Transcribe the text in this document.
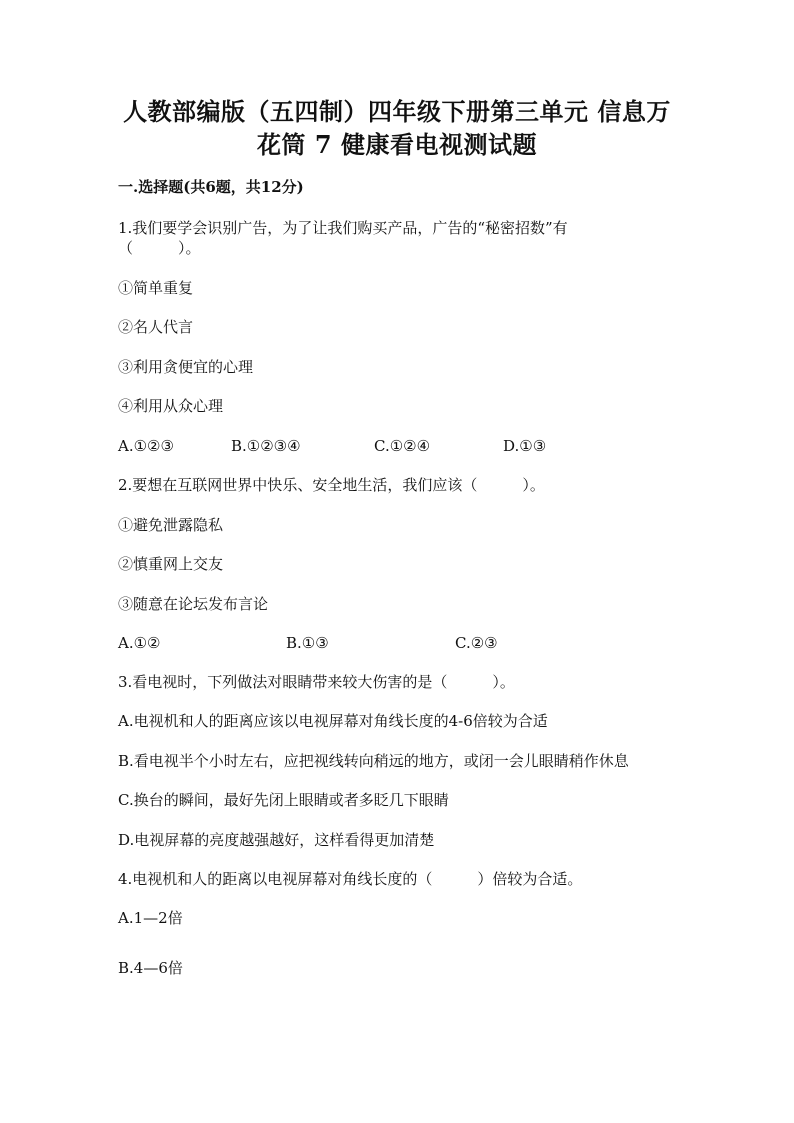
人教部编版（五四制）四年级下册第三单元 信息万
花筒 7 健康看电视测试题
一.选择题(共6题，共12分)
1.我们要学会识别广告，为了让我们购买产品，广告的“秘密招数”有
（　　　）。
①简单重复
②名人代言
③利用贪便宜的心理
④利用从众心理
A.①②③	B.①②③④	C.①②④	D.①③
2.要想在互联网世界中快乐、安全地生活，我们应该（　　　）。
①避免泄露隐私
②慎重网上交友
③随意在论坛发布言论
A.①②	B.①③	C.②③
3.看电视时，下列做法对眼睛带来较大伤害的是（　　　）。
A.电视机和人的距离应该以电视屏幕对角线长度的4-6倍较为合适
B.看电视半个小时左右，应把视线转向稍远的地方，或闭一会儿眼睛稍作休息
C.换台的瞬间，最好先闭上眼睛或者多眨几下眼睛
D.电视屏幕的亮度越强越好，这样看得更加清楚
4.电视机和人的距离以电视屏幕对角线长度的（　　　）倍较为合适。
A.1—2倍
B.4—6倍
